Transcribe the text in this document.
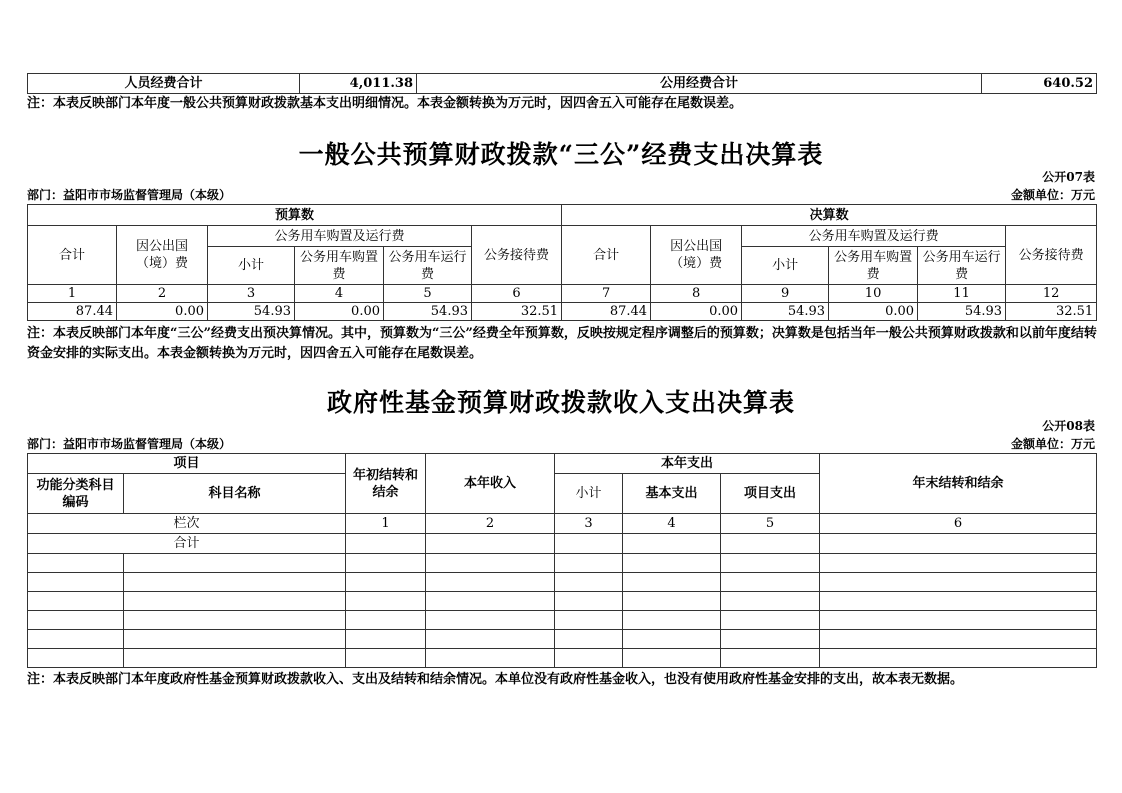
人员经费合计	4,011.38	公用经费合计	640.52
注：本表反映部门本年度一般公共预算财政拨款基本支出明细情况。本表金额转换为万元时，因四舍五入可能存在尾数误差。
一般公共预算财政拨款“三公”经费支出决算表
公开07表
部门：益阳市市场监督管理局（本级）	金额单位：万元
预算数						决算数					
合计	因公出国（境）费	公务用车购置及运行费			公务接待费	合计	因公出国（境）费	公务用车购置及运行费			公务接待费
		小计	公务用车购置费	公务用车运行费				小计	公务用车购置费	公务用车运行费	
1	2	3	4	5	6	7	8	9	10	11	12
87.44	0.00	54.93	0.00	54.93	32.51	87.44	0.00	54.93	0.00	54.93	32.51
注：本表反映部门本年度“三公”经费支出预决算情况。其中，预算数为“三公”经费全年预算数，反映按规定程序调整后的预算数；决算数是包括当年一般公共预算财政拨款和以前年度结转资金安排的实际支出。本表金额转换为万元时，因四舍五入可能存在尾数误差。
政府性基金预算财政拨款收入支出决算表
公开08表
部门：益阳市市场监督管理局（本级）	金额单位：万元
项目		年初结转和结余	本年收入	本年支出			年末结转和结余
功能分类科目编码	科目名称			小计	基本支出	项目支出	
栏次		1	2	3	4	5	6
合计							

注：本表反映部门本年度政府性基金预算财政拨款收入、支出及结转和结余情况。本单位没有政府性基金收入，也没有使用政府性基金安排的支出，故本表无数据。
